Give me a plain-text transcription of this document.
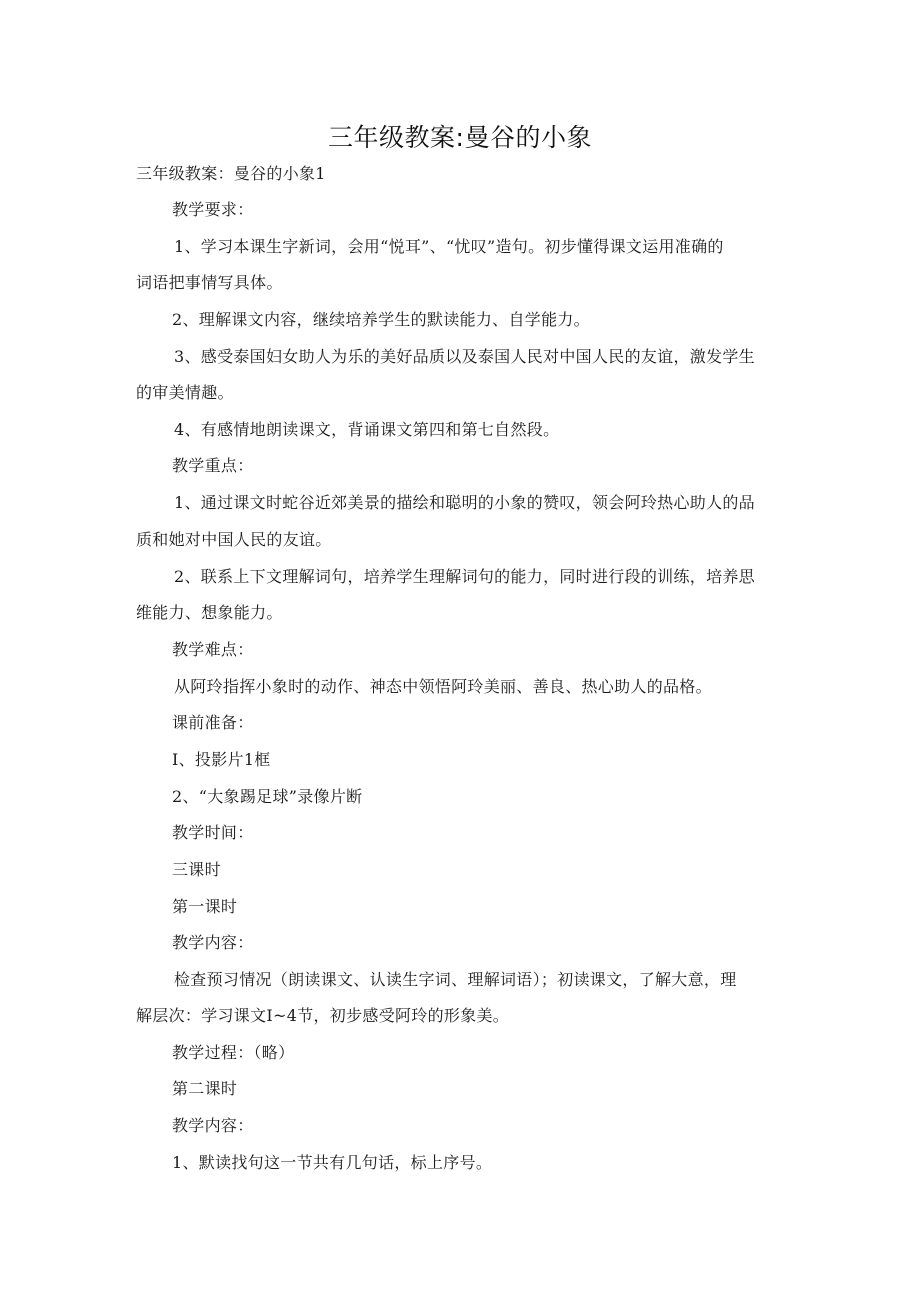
三年级教案:曼谷的小象
三年级教案：曼谷的小象1
教学要求：
1、学习本课生字新词，会用“悦耳”、“忧叹”造句。初步懂得课文运用准确的
词语把事情写具体。
2、理解课文内容，继续培养学生的默读能力、自学能力。
3、感受泰国妇女助人为乐的美好品质以及泰国人民对中国人民的友谊，激发学生
的审美情趣。
4、有感情地朗读课文，背诵课文第四和第七自然段。
教学重点：
1、通过课文时蛇谷近郊美景的描绘和聪明的小象的赞叹，领会阿玲热心助人的品
质和她对中国人民的友谊。
2、联系上下文理解词句，培养学生理解词句的能力，同时进行段的训练，培养思
维能力、想象能力。
教学难点：
从阿玲指挥小象时的动作、神态中领悟阿玲美丽、善良、热心助人的品格。
课前准备：
I、投影片1框
2、“大象踢足球”录像片断
教学时间：
三课时
第一课时
教学内容：
检查预习情况（朗读课文、认读生字词、理解词语）；初读课文，了解大意，理
解层次：学习课文I~4节，初步感受阿玲的形象美。
教学过程：（略）
第二课时
教学内容：
1、默读找句这一节共有几句话，标上序号。
